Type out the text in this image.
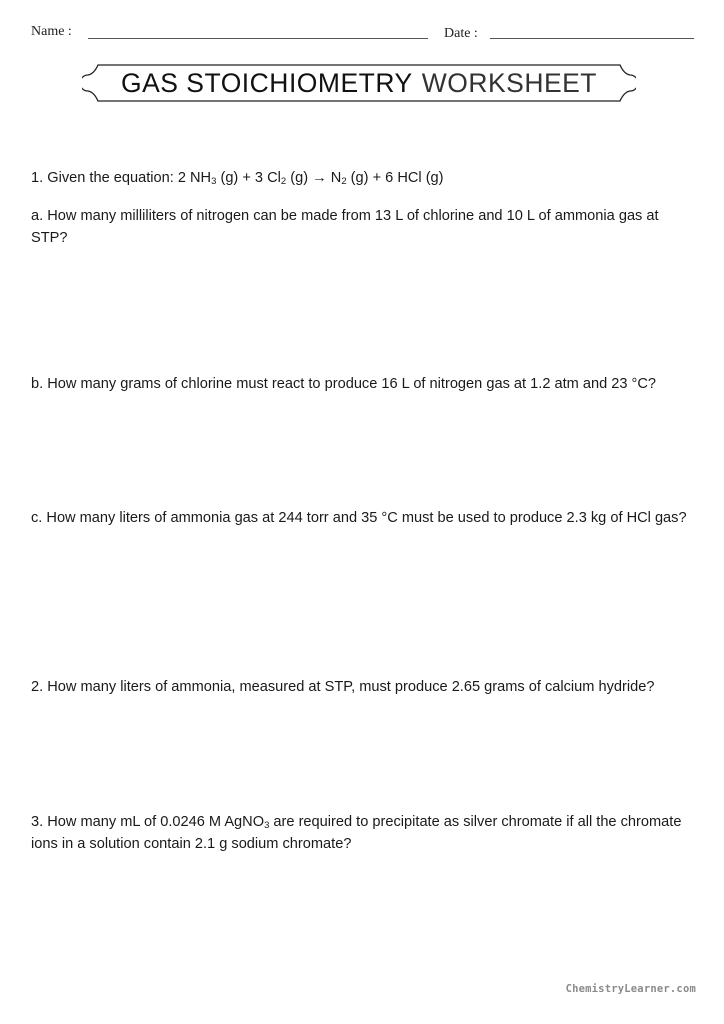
Name :	Date :
GAS STOICHIOMETRY WORKSHEET
1. Given the equation: 2 $NH_3$ (g) + 3 $Cl_2$ $(g) \to N_2$ (g) + 6 HCl (g)
a. How many milliliters of nitrogen can be made from 13 L of chlorine and 10 L of ammonia gas at STP?
b. How many grams of chlorine must react to produce 16 L of nitrogen gas at 1.2 atm and 23 °C?
c. How many liters of ammonia gas at 244 torr and 35 °C must be used to produce 2.3 kg of HCl gas?
2. How many liters of ammonia, measured at STP, must produce 2.65 grams of calcium hydride?
3. How many mL of 0.0246 M AgNO$_3$ are required to precipitate as silver chromate if all the chromate ions in a solution contain 2.1 g sodium chromate?
ChemistryLearner.com
